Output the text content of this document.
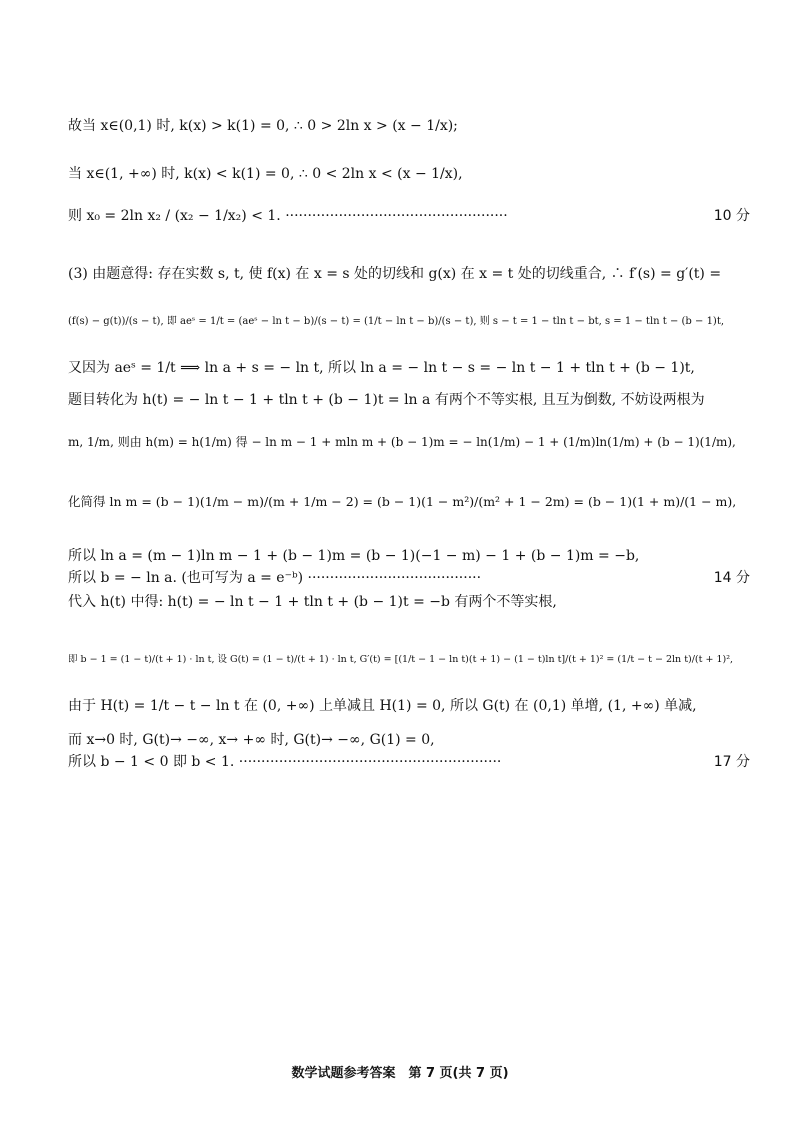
故当 x∈(0,1) 时, k(x) > k(1) = 0, ∴ 0 > 2ln x > (x − 1/x);
当 x∈(1, +∞) 时, k(x) < k(1) = 0, ∴ 0 < 2ln x < (x − 1/x),
则 x₀ = 2ln x₂ / (x₂ − 1/x₂) < 1. ··················································	10 分
(3) 由题意得: 存在实数 s, t, 使 f(x) 在 x = s 处的切线和 g(x) 在 x = t 处的切线重合, ∴ f′(s) = g′(t) =
(f(s) − g(t))/(s − t), 即 aeˢ = 1/t = (aeˢ − ln t − b)/(s − t) = (1/t − ln t − b)/(s − t), 则 s − t = 1 − tln t − bt, s = 1 − tln t − (b − 1)t,
又因为 aeˢ = 1/t ⟹ ln a + s = − ln t, 所以 ln a = − ln t − s = − ln t − 1 + tln t + (b − 1)t,
题目转化为 h(t) = − ln t − 1 + tln t + (b − 1)t = ln a 有两个不等实根, 且互为倒数, 不妨设两根为
m, 1/m, 则由 h(m) = h(1/m) 得 − ln m − 1 + mln m + (b − 1)m = − ln(1/m) − 1 + (1/m)ln(1/m) + (b − 1)(1/m),
化简得 ln m = (b − 1)(1/m − m)/(m + 1/m − 2) = (b − 1)(1 − m²)/(m² + 1 − 2m) = (b − 1)(1 + m)/(1 − m),
所以 ln a = (m − 1)ln m − 1 + (b − 1)m = (b − 1)(−1 − m) − 1 + (b − 1)m = −b,
所以 b = − ln a. (也可写为 a = e⁻ᵇ) ·······································	14 分
代入 h(t) 中得: h(t) = − ln t − 1 + tln t + (b − 1)t = −b 有两个不等实根,
即 b − 1 = (1 − t)/(t + 1) · ln t, 设 G(t) = (1 − t)/(t + 1) · ln t, G′(t) = [(1/t − 1 − ln t)(t + 1) − (1 − t)ln t]/(t + 1)² = (1/t − t − 2ln t)/(t + 1)²,
由于 H(t) = 1/t − t − ln t 在 (0, +∞) 上单减且 H(1) = 0, 所以 G(t) 在 (0,1) 单增, (1, +∞) 单减,
而 x→0 时, G(t)→ −∞, x→ +∞ 时, G(t)→ −∞, G(1) = 0,
所以 b − 1 < 0 即 b < 1. ···························································	17 分
数学试题参考答案　第 7 页(共 7 页)
